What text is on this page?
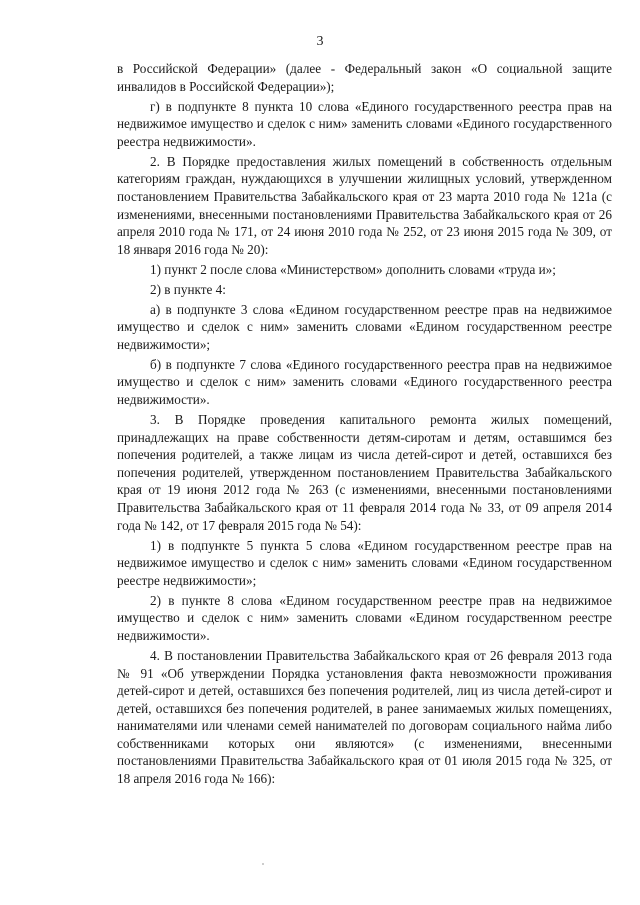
3

в Российской Федерации» (далее - Федеральный закон «О социальной защите инвалидов в Российской Федерации»);

г) в подпункте 8 пункта 10 слова «Единого государственного реестра прав на недвижимое имущество и сделок с ним» заменить словами «Единого государственного реестра недвижимости».

2. В Порядке предоставления жилых помещений в собственность отдельным категориям граждан, нуждающихся в улучшении жилищных условий, утвержденном постановлением Правительства Забайкальского края от 23 марта 2010 года № 121а (с изменениями, внесенными постановлениями Правительства Забайкальского края от 26 апреля 2010 года № 171, от 24 июня 2010 года № 252, от 23 июня 2015 года № 309, от 18 января 2016 года № 20):

1) пункт 2 после слова «Министерством» дополнить словами «труда и»;

2) в пункте 4:

а) в подпункте 3 слова «Едином государственном реестре прав на недвижимое имущество и сделок с ним» заменить словами «Едином государственном реестре недвижимости»;

б) в подпункте 7 слова «Единого государственного реестра прав на недвижимое имущество и сделок с ним» заменить словами «Единого государственного реестра недвижимости».

3. В Порядке проведения капитального ремонта жилых помещений, принадлежащих на праве собственности детям-сиротам и детям, оставшимся без попечения родителей, а также лицам из числа детей-сирот и детей, оставшихся без попечения родителей, утвержденном постановлением Правительства Забайкальского края от 19 июня 2012 года № 263 (с изменениями, внесенными постановлениями Правительства Забайкальского края от 11 февраля 2014 года № 33, от 09 апреля 2014 года № 142, от 17 февраля 2015 года № 54):

1) в подпункте 5 пункта 5 слова «Едином государственном реестре прав на недвижимое имущество и сделок с ним» заменить словами «Едином государственном реестре недвижимости»;

2) в пункте 8 слова «Едином государственном реестре прав на недвижимое имущество и сделок с ним» заменить словами «Едином государственном реестре недвижимости».

4. В постановлении Правительства Забайкальского края от 26 февраля 2013 года № 91 «Об утверждении Порядка установления факта невозможности проживания детей-сирот и детей, оставшихся без попечения родителей, лиц из числа детей-сирот и детей, оставшихся без попечения родителей, в ранее занимаемых жилых помещениях, нанимателями или членами семей нанимателей по договорам социального найма либо собственниками которых они являются» (с изменениями, внесенными постановлениями Правительства Забайкальского края от 01 июля 2015 года № 325, от 18 апреля 2016 года № 166):
